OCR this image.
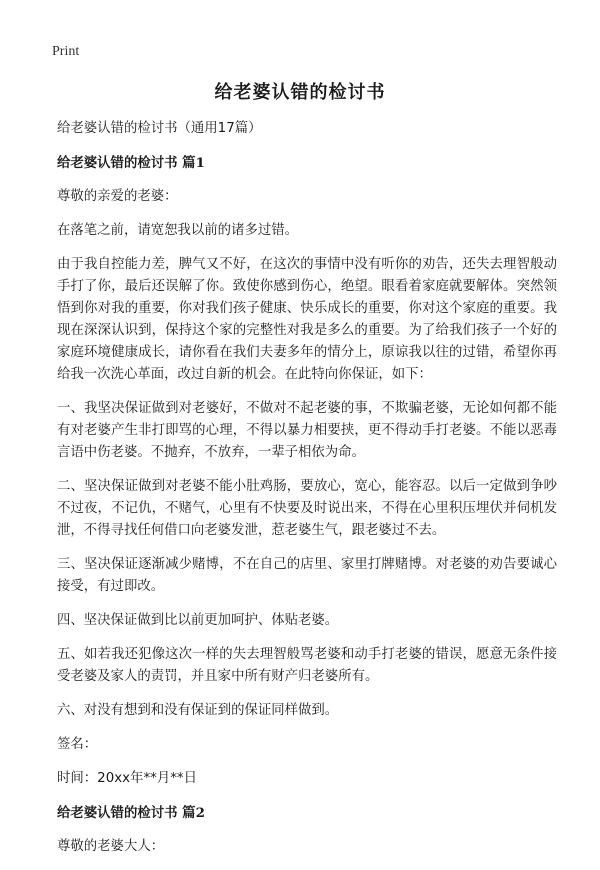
Print
给老婆认错的检讨书
给老婆认错的检讨书（通用17篇）
给老婆认错的检讨书 篇1
尊敬的亲爱的老婆：
在落笔之前，请宽恕我以前的诸多过错。
由于我自控能力差，脾气又不好，在这次的事情中没有听你的劝告，还失去理智般动手打了你，最后还误解了你。致使你感到伤心，绝望。眼看着家庭就要解体。突然领悟到你对我的重要，你对我们孩子健康、快乐成长的重要，你对这个家庭的重要。我现在深深认识到，保持这个家的完整性对我是多么的重要。为了给我们孩子一个好的家庭环境健康成长，请你看在我们夫妻多年的情分上，原谅我以往的过错，希望你再给我一次洗心革面，改过自新的机会。在此特向你保证，如下：
一、我坚决保证做到对老婆好，不做对不起老婆的事，不欺骗老婆，无论如何都不能有对老婆产生非打即骂的心理，不得以暴力相要挟，更不得动手打老婆。不能以恶毒言语中伤老婆。不抛弃，不放弃，一辈子相依为命。
二、坚决保证做到对老婆不能小肚鸡肠，要放心，宽心，能容忍。以后一定做到争吵不过夜，不记仇，不赌气，心里有不快要及时说出来，不得在心里积压埋伏并伺机发泄，不得寻找任何借口向老婆发泄，惹老婆生气，跟老婆过不去。
三、坚决保证逐渐减少赌博，不在自己的店里、家里打牌赌博。对老婆的劝告要诚心接受，有过即改。
四、坚决保证做到比以前更加呵护、体贴老婆。
五、如若我还犯像这次一样的失去理智般骂老婆和动手打老婆的错误，愿意无条件接受老婆及家人的责罚，并且家中所有财产归老婆所有。
六、对没有想到和没有保证到的保证同样做到。
签名：
时间：20xx年**月**日
给老婆认错的检讨书 篇2
尊敬的老婆大人：
